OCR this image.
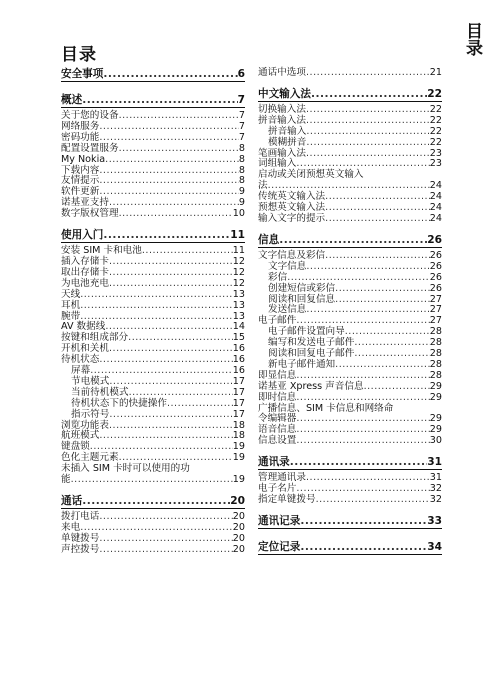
目录
目录
安全事项 .....	6
概述 .....	7
关于您的设备 .....	7
网络服务 .....	7
密码功能 .....	7
配置设置服务 .....	8
My Nokia .....	8
下载内容 .....	8
友情提示 .....	8
软件更新 .....	9
诺基亚支持 .....	9
数字版权管理 .....	10
使用入门 .....	11
安装 SIM 卡和电池 .....	11
插入存储卡 .....	12
取出存储卡 .....	12
为电池充电 .....	12
天线 .....	13
耳机 .....	13
腕带 .....	13
AV 数据线 .....	14
按键和组成部分 .....	15
开机和关机 .....	16
待机状态 .....	16
屏幕 .....	16
节电模式 .....	17
当前待机模式 .....	17
待机状态下的快捷操作 .....	17
指示符号 .....	17
浏览功能表 .....	18
航班模式 .....	18
键盘锁 .....	19
色化主题元素 .....	19
未插入 SIM 卡时可以使用的功
能 .....	19
通话 .....	20
拨打电话 .....	20
来电 .....	20
单键拨号 .....	20
声控拨号 .....	20
通话中选项 .....	21
中文输入法 .....	22
切换输入法 .....	22
拼音输入法 .....	22
拼音输入 .....	22
模糊拼音 .....	22
笔画输入法 .....	23
词组输入 .....	23
启动或关闭预想英文输入
法 .....	24
传统英文输入法 .....	24
预想英文输入法 .....	24
输入文字的提示 .....	24
信息 .....	26
文字信息及彩信 .....	26
文字信息 .....	26
彩信 .....	26
创建短信或彩信 .....	26
阅读和回复信息 .....	27
发送信息 .....	27
电子邮件 .....	27
电子邮件设置向导 .....	28
编写和发送电子邮件 .....	28
阅读和回复电子邮件 .....	28
新电子邮件通知 .....	28
即显信息 .....	28
诺基亚 Xpress 声音信息 .....	29
即时信息 .....	29
广播信息、SIM 卡信息和网络命
令编辑器 .....	29
语音信息 .....	29
信息设置 .....	30
通讯录 .....	31
管理通讯录 .....	31
电子名片 .....	32
指定单键拨号 .....	32
通讯记录 .....	33
定位记录 .....	34
